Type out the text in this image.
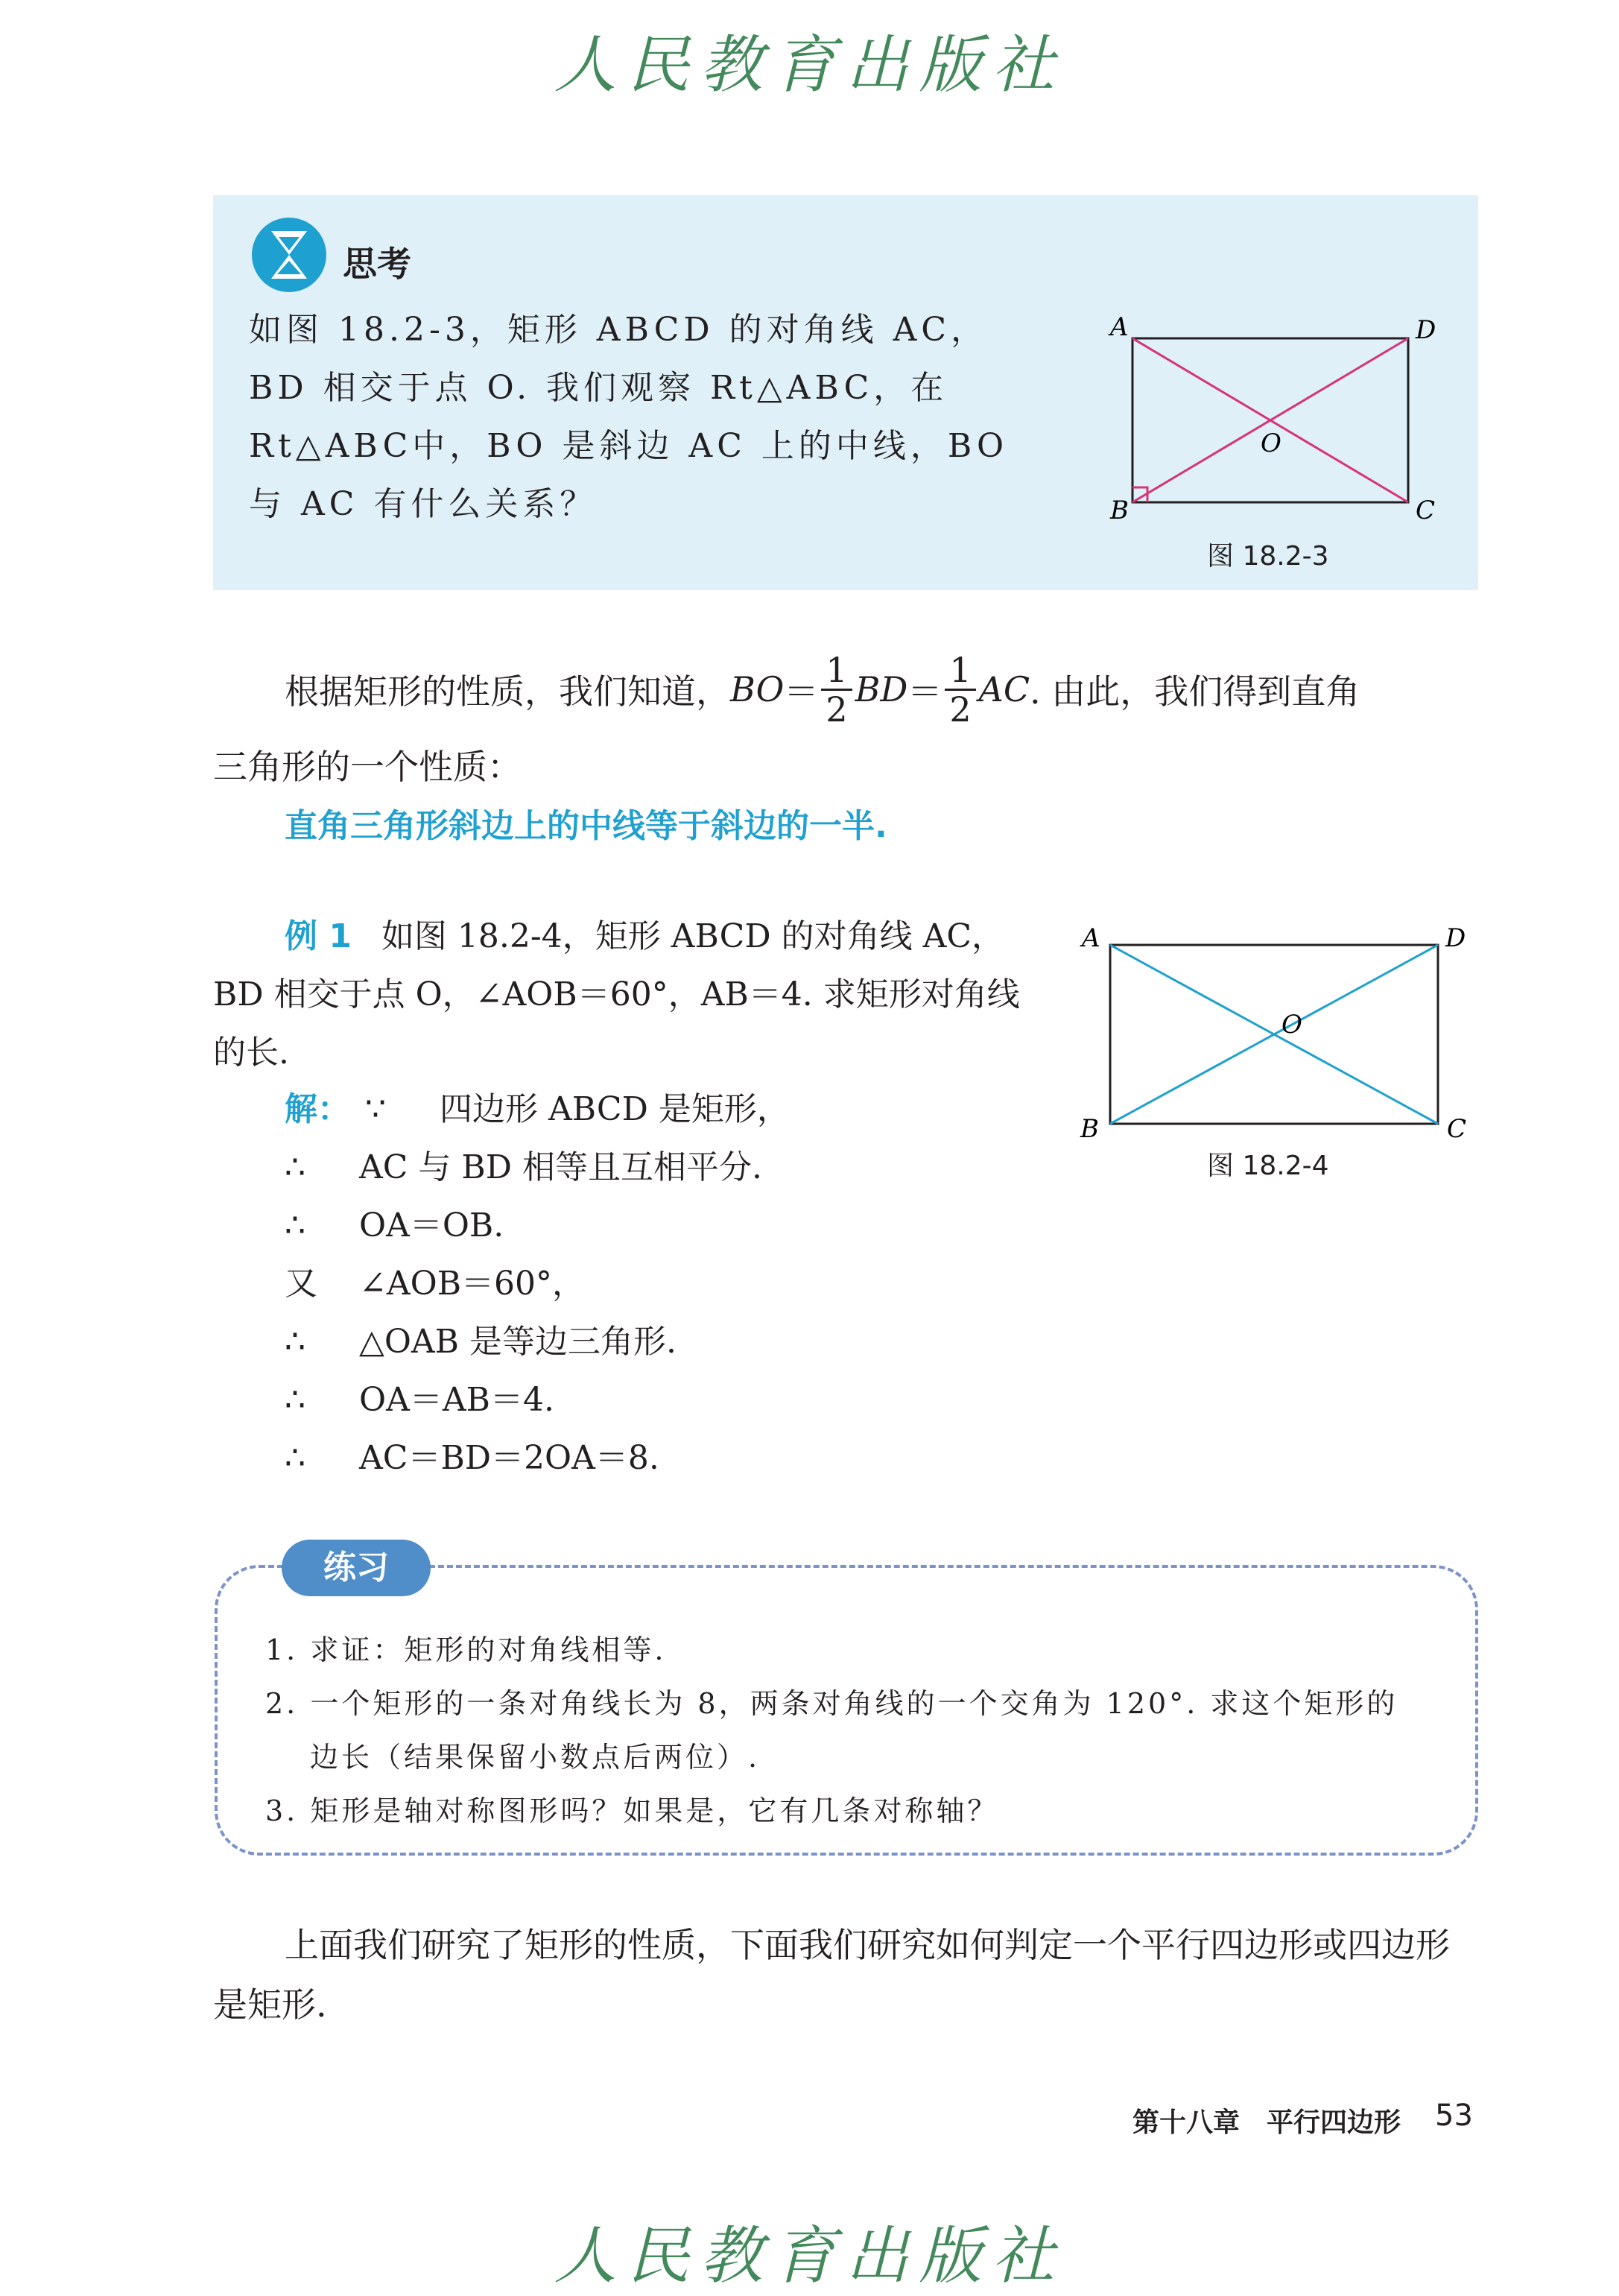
人民教育出版社
思考
如图 18.2-3，矩形 ABCD 的对角线 AC，BD 相交于点 O. 我们观察 Rt△ABC，在 Rt△ABC中，BO 是斜边 AC 上的中线，BO 与 AC 有什么关系？
A	D
B	C
O
图 18.2-3
根据矩形的性质，我们知道， BO ＝ $\frac{1}{2}$ BD ＝ $\frac{1}{2}$ AC . 由此，我们得到直角
三角形的一个性质：
直角三角形斜边上的中线等于斜边的一半.
例 1 如图 18.2-4，矩形 ABCD 的对角线 AC，BD 相交于点 O，∠AOB＝60°，AB＝4. 求矩形对角线的长.
解： ∵	四边形 ABCD 是矩形，
∴	AC 与 BD 相等且互相平分.
∴	OA＝OB.
又 ∠AOB＝60°，
∴	△OAB 是等边三角形.
∴	OA＝AB＝4.
∴	AC＝BD＝2OA＝8.
A	D
B	C
O
图 18.2-4
练习
1. 求证：矩形的对角线相等.
2. 一个矩形的一条对角线长为 8，两条对角线的一个交角为 120°. 求这个矩形的
边长（结果保留小数点后两位）.
3. 矩形是轴对称图形吗？如果是，它有几条对称轴？
上面我们研究了矩形的性质，下面我们研究如何判定一个平行四边形或四边形是矩形.
第十八章　平行四边形 53
人民教育出版社
